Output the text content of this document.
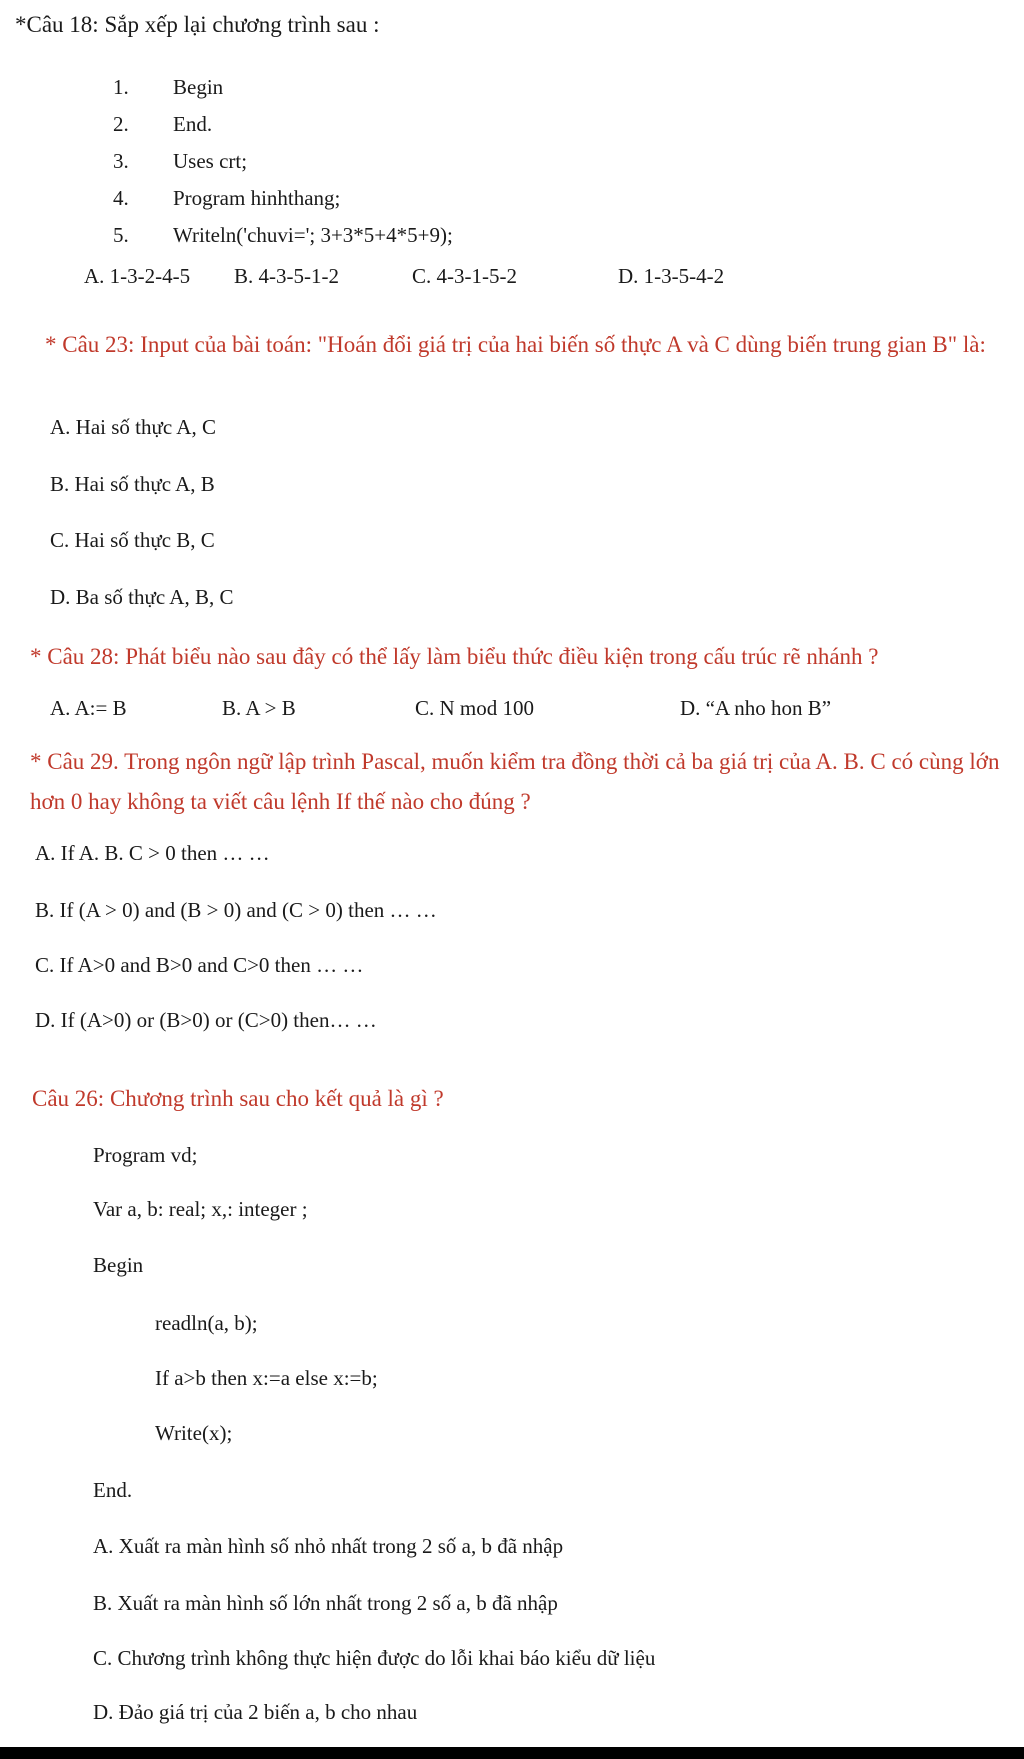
*Câu 18: Sắp xếp lại chương trình sau :
1.	Begin
2.	End.
3.	Uses crt;
4.	Program hinhthang;
5.	Writeln('chuvi='; 3+3*5+4*5+9);
A. 1-3-2-4-5 B. 4-3-5-1-2	C. 4-3-1-5-2	D. 1-3-5-4-2
* Câu 23: Input của bài toán: "Hoán đổi giá trị của hai biến số thực A và C dùng biến trung gian B" là:
A. Hai số thực A, C
B. Hai số thực A, B
C. Hai số thực B, C
D. Ba số thực A, B, C
* Câu 28: Phát biểu nào sau đây có thể lấy làm biểu thức điều kiện trong cấu trúc rẽ nhánh ?
A. A:= B	B. A > B	C. N mod 100	D. “A nho hon B”
* Câu 29. Trong ngôn ngữ lập trình Pascal, muốn kiểm tra đồng thời cả ba giá trị của A. B. C có cùng lớn hơn 0 hay không ta viết câu lệnh If thế nào cho đúng ?
A. If A. B. C > 0 then … …
B. If (A > 0) and (B > 0) and (C > 0) then … …
C. If A>0 and B>0 and C>0 then … …
D. If (A>0) or (B>0) or (C>0) then… …
Câu 26: Chương trình sau cho kết quả là gì ?
Program vd;
Var a, b: real; x,: integer ;
Begin
readln(a, b);
If a>b then x:=a else x:=b;
Write(x);
End.
A. Xuất ra màn hình số nhỏ nhất trong 2 số a, b đã nhập
B. Xuất ra màn hình số lớn nhất trong 2 số a, b đã nhập
C. Chương trình không thực hiện được do lỗi khai báo kiểu dữ liệu
D. Đảo giá trị của 2 biến a, b cho nhau
